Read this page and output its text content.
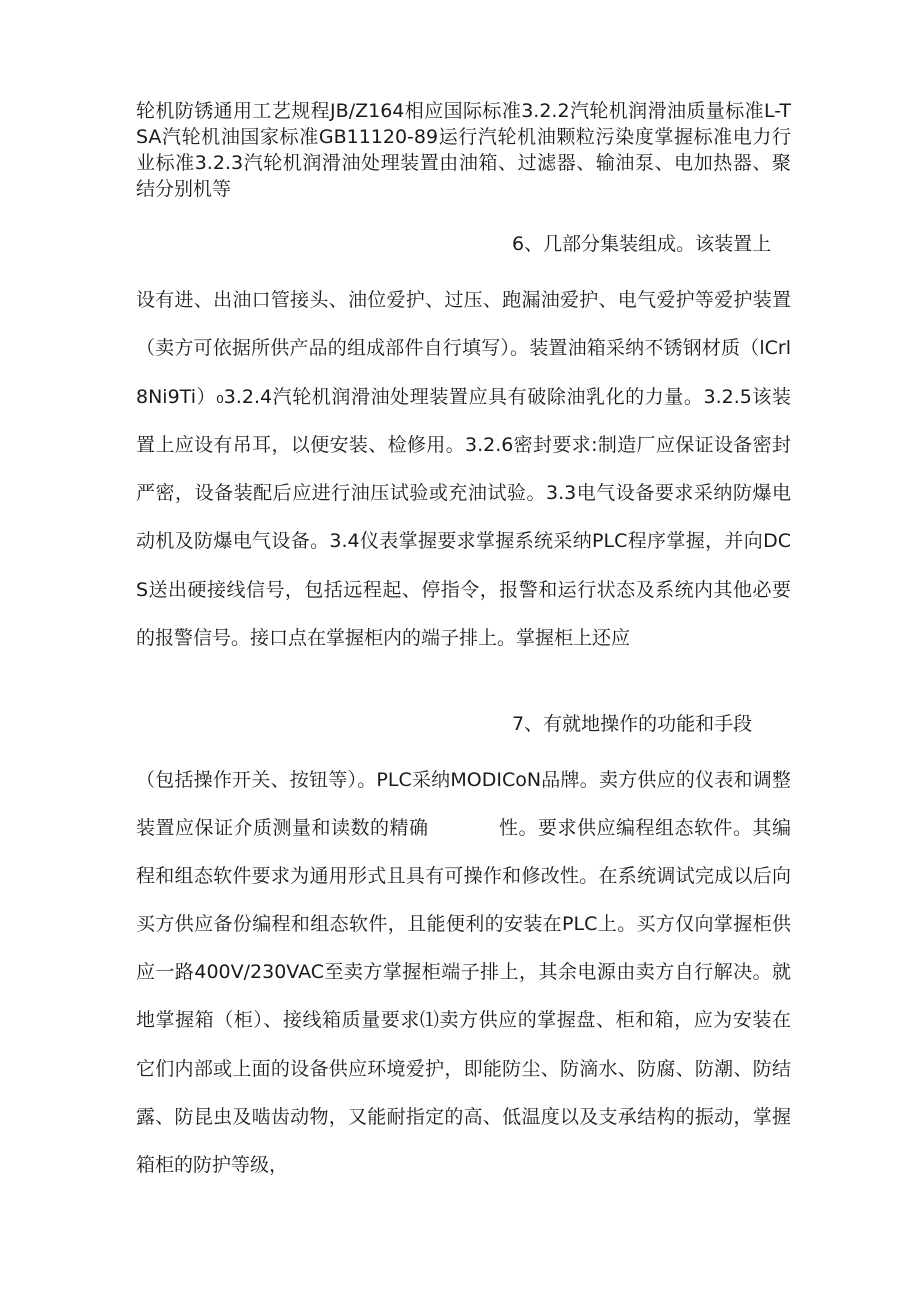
轮机防锈通用工艺规程JB/Z164相应国际标准3.2.2汽轮机润滑油质量标准L-TSA汽轮机油国家标准GB11120-89运行汽轮机油颗粒污染度掌握标准电力行业标准3.2.3汽轮机润滑油处理装置由油箱、过滤器、输油泵、电加热器、聚结分别机等

6、几部分集装组成。该装置上

设有进、出油口管接头、油位爱护、过压、跑漏油爱护、电气爱护等爱护装置（卖方可依据所供产品的组成部件自行填写）。装置油箱采纳不锈钢材质（lCrl8Ni9Ti）₀3.2.4汽轮机润滑油处理装置应具有破除油乳化的力量。3.2.5该装置上应设有吊耳，以便安装、检修用。3.2.6密封要求:制造厂应保证设备密封严密，设备装配后应进行油压试验或充油试验。3.3电气设备要求采纳防爆电动机及防爆电气设备。3.4仪表掌握要求掌握系统采纳PLC程序掌握，并向DCS送出硬接线信号，包括远程起、停指令，报警和运行状态及系统内其他必要的报警信号。接口点在掌握柜内的端子排上。掌握柜上还应

7、有就地操作的功能和手段

（包括操作开关、按钮等）。PLC采纳MODICoN品牌。卖方供应的仪表和调整装置应保证介质测量和读数的精确	性。要求供应编程组态软件。其编程和组态软件要求为通用形式且具有可操作和修改性。在系统调试完成以后向买方供应备份编程和组态软件，且能便利的安装在PLC上。买方仅向掌握柜供应一路400V/230VAC至卖方掌握柜端子排上，其余电源由卖方自行解决。就地掌握箱（柜）、接线箱质量要求⑴卖方供应的掌握盘、柜和箱，应为安装在它们内部或上面的设备供应环境爱护，即能防尘、防滴水、防腐、防潮、防结露、防昆虫及啮齿动物，又能耐指定的高、低温度以及支承结构的振动，掌握箱柜的防护等级，
